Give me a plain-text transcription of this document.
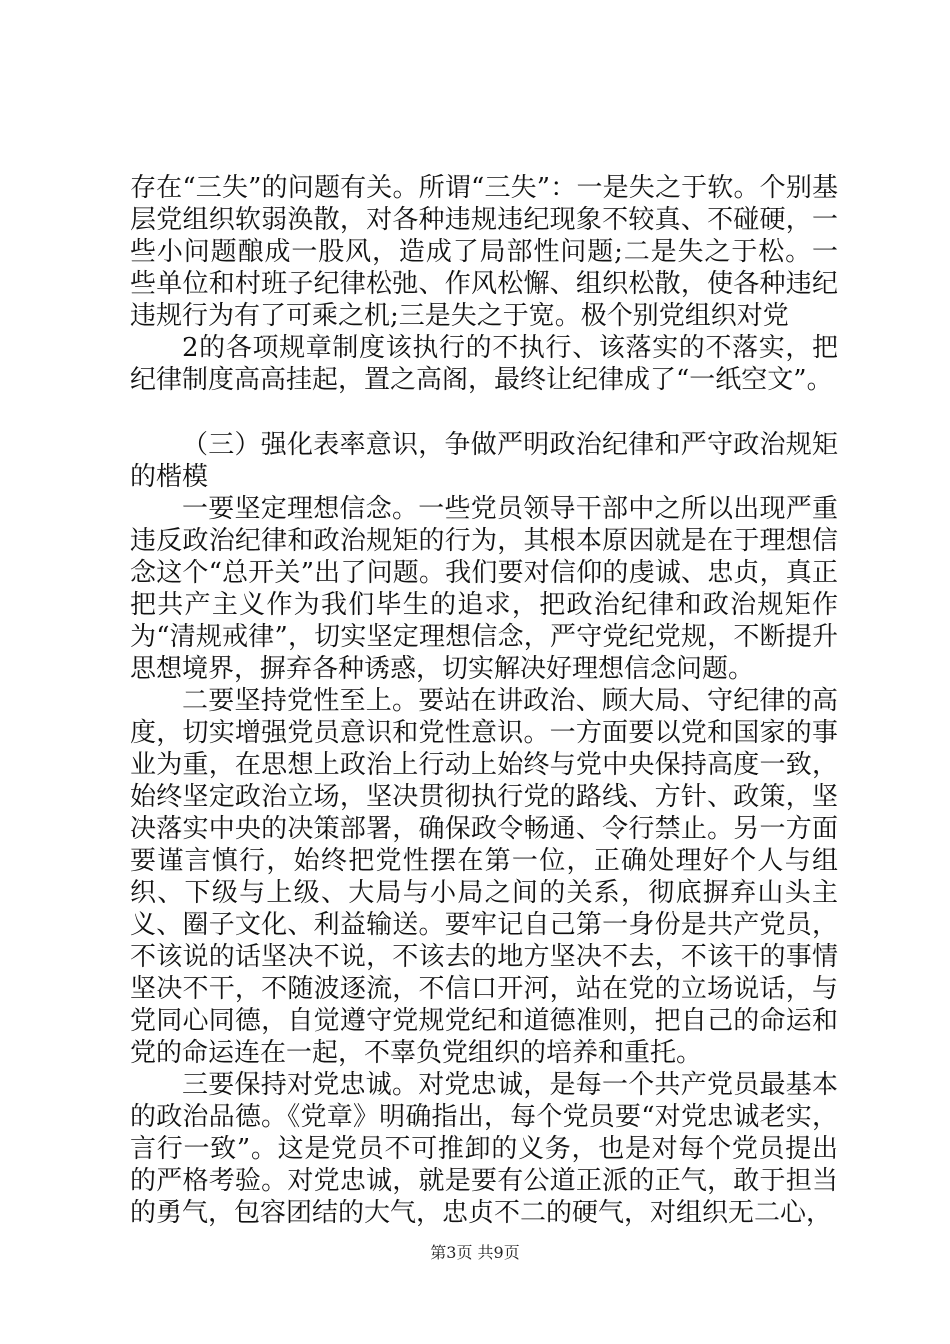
存在“三失”的问题有关。所谓“三失”：一是失之于软。个别基层党组织软弱涣散，对各种违规违纪现象不较真、不碰硬，一些小问题酿成一股风，造成了局部性问题;二是失之于松。一些单位和村班子纪律松弛、作风松懈、组织松散，使各种违纪违规行为有了可乘之机;三是失之于宽。极个别党组织对党

2的各项规章制度该执行的不执行、该落实的不落实，把纪律制度高高挂起，置之高阁，最终让纪律成了“一纸空文”。

（三）强化表率意识，争做严明政治纪律和严守政治规矩的楷模

一要坚定理想信念。一些党员领导干部中之所以出现严重违反政治纪律和政治规矩的行为，其根本原因就是在于理想信念这个“总开关”出了问题。我们要对信仰的虔诚、忠贞，真正把共产主义作为我们毕生的追求，把政治纪律和政治规矩作为“清规戒律”，切实坚定理想信念，严守党纪党规，不断提升思想境界，摒弃各种诱惑，切实解决好理想信念问题。

二要坚持党性至上。要站在讲政治、顾大局、守纪律的高度，切实增强党员意识和党性意识。一方面要以党和国家的事业为重，在思想上政治上行动上始终与党中央保持高度一致，始终坚定政治立场，坚决贯彻执行党的路线、方针、政策，坚决落实中央的决策部署，确保政令畅通、令行禁止。另一方面要谨言慎行，始终把党性摆在第一位，正确处理好个人与组织、下级与上级、大局与小局之间的关系，彻底摒弃山头主义、圈子文化、利益输送。要牢记自己第一身份是共产党员，不该说的话坚决不说，不该去的地方坚决不去，不该干的事情坚决不干，不随波逐流，不信口开河，站在党的立场说话，与党同心同德，自觉遵守党规党纪和道德准则，把自己的命运和党的命运连在一起，不辜负党组织的培养和重托。

三要保持对党忠诚。对党忠诚，是每一个共产党员最基本的政治品德。《党章》明确指出，每个党员要“对党忠诚老实，言行一致”。这是党员不可推卸的义务，也是对每个党员提出的严格考验。对党忠诚，就是要有公道正派的正气，敢于担当的勇气，包容团结的大气，忠贞不二的硬气，对组织无二心，

第3页 共9页
